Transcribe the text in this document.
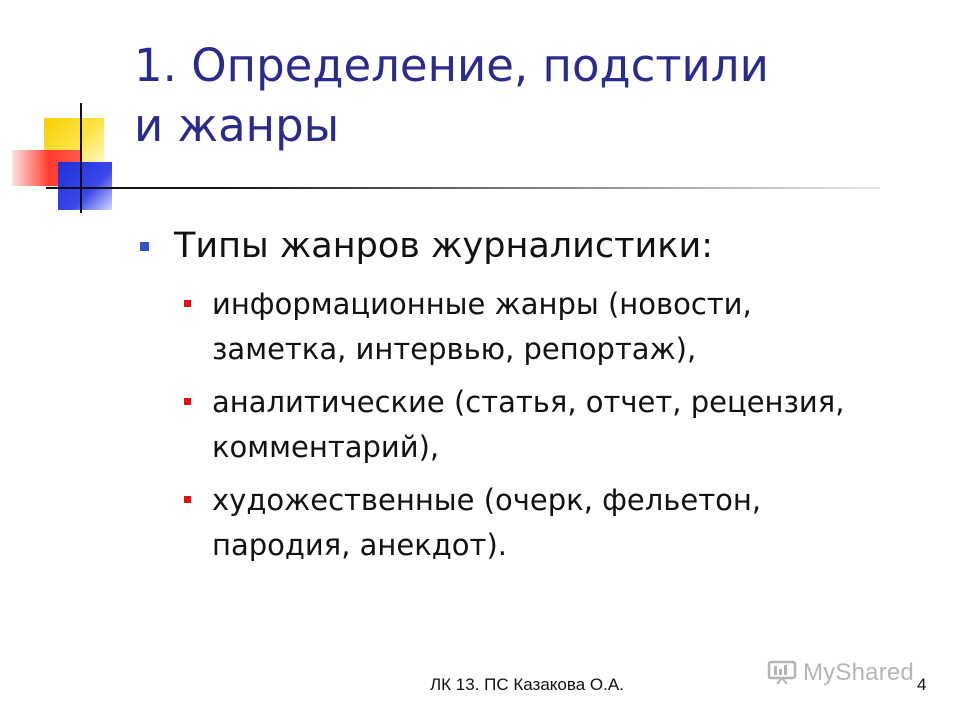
1. Определение, подстили
и жанры
Типы жанров журналистики:
информационные жанры (новости,
заметка, интервью, репортаж),
аналитические (статья, отчет, рецензия,
комментарий),
художественные (очерк, фельетон,
пародия, анекдот).
MyShared
ЛК 13. ПС Казакова О.А.	4
